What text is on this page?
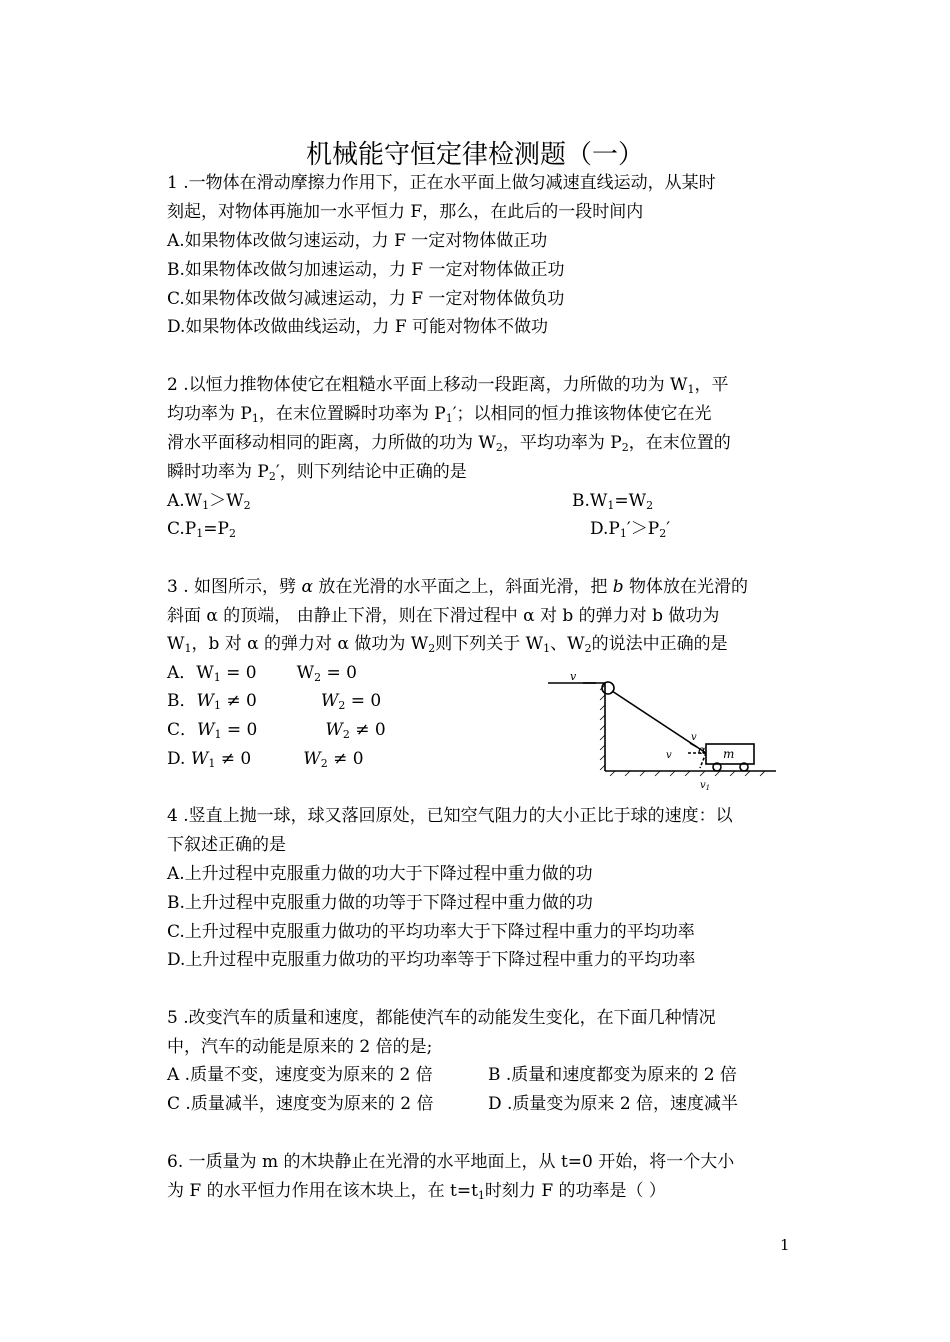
机械能守恒定律检测题（一）
1 .一物体在滑动摩擦力作用下，正在水平面上做匀减速直线运动，从某时
刻起，对物体再施加一水平恒力 F，那么，在此后的一段时间内
A.如果物体改做匀速运动，力 F 一定对物体做正功
B.如果物体改做匀加速运动，力 F 一定对物体做正功
C.如果物体改做匀减速运动，力 F 一定对物体做负功
D.如果物体改做曲线运动，力 F 可能对物体不做功
2 .以恒力推物体使它在粗糙水平面上移动一段距离，力所做的功为 $W_1$，平
均功率为 $P_1$，在末位置瞬时功率为 $P_1'$；以相同的恒力推该物体使它在光
滑水平面移动相同的距离，力所做的功为 $W_2$，平均功率为 $P_2$，在末位置的
瞬时功率为 $P_2'$，则下列结论中正确的是
$A.W_1>W_2$	$B.W_1=W_2$
$C.P_1=P_2$	$D.P_1'>P_2'$
3 . 如图所示，劈 α 放在光滑的水平面之上，斜面光滑，把 b 物体放在光滑的
斜面 α 的顶端， 由静止下滑，则在下滑过程中 α 对 b 的弹力对 b 做功为
$W_1$，b 对 α 的弹力对 α 做功为 $W_2$则下列关于 $W_1$、$W_2$的说法中正确的是
A．$W_1 = 0$ $W_2 = 0$
B．$W_1 \ne 0$	$W_2 = 0$
C．$W_1 = 0$	$W_2 \ne 0$
D. $W_1 \ne 0$	$W_2 \ne 0$
v
v
α m
v
$v_1$
4 .竖直上抛一球，球又落回原处，已知空气阻力的大小正比于球的速度：以
下叙述正确的是
A.上升过程中克服重力做的功大于下降过程中重力做的功
B.上升过程中克服重力做的功等于下降过程中重力做的功
C.上升过程中克服重力做功的平均功率大于下降过程中重力的平均功率
D.上升过程中克服重力做功的平均功率等于下降过程中重力的平均功率
5 .改变汽车的质量和速度，都能使汽车的动能发生变化，在下面几种情况
中，汽车的动能是原来的 2 倍的是;
A .质量不变，速度变为原来的 2 倍	B .质量和速度都变为原来的 2 倍
C .质量减半，速度变为原来的 2 倍	D .质量变为原来 2 倍，速度减半
6. 一质量为 m 的木块静止在光滑的水平地面上，从 t=0 开始，将一个大小
为 F 的水平恒力作用在该木块上，在 $t=t_1$时刻力 F 的功率是（ ）
1
